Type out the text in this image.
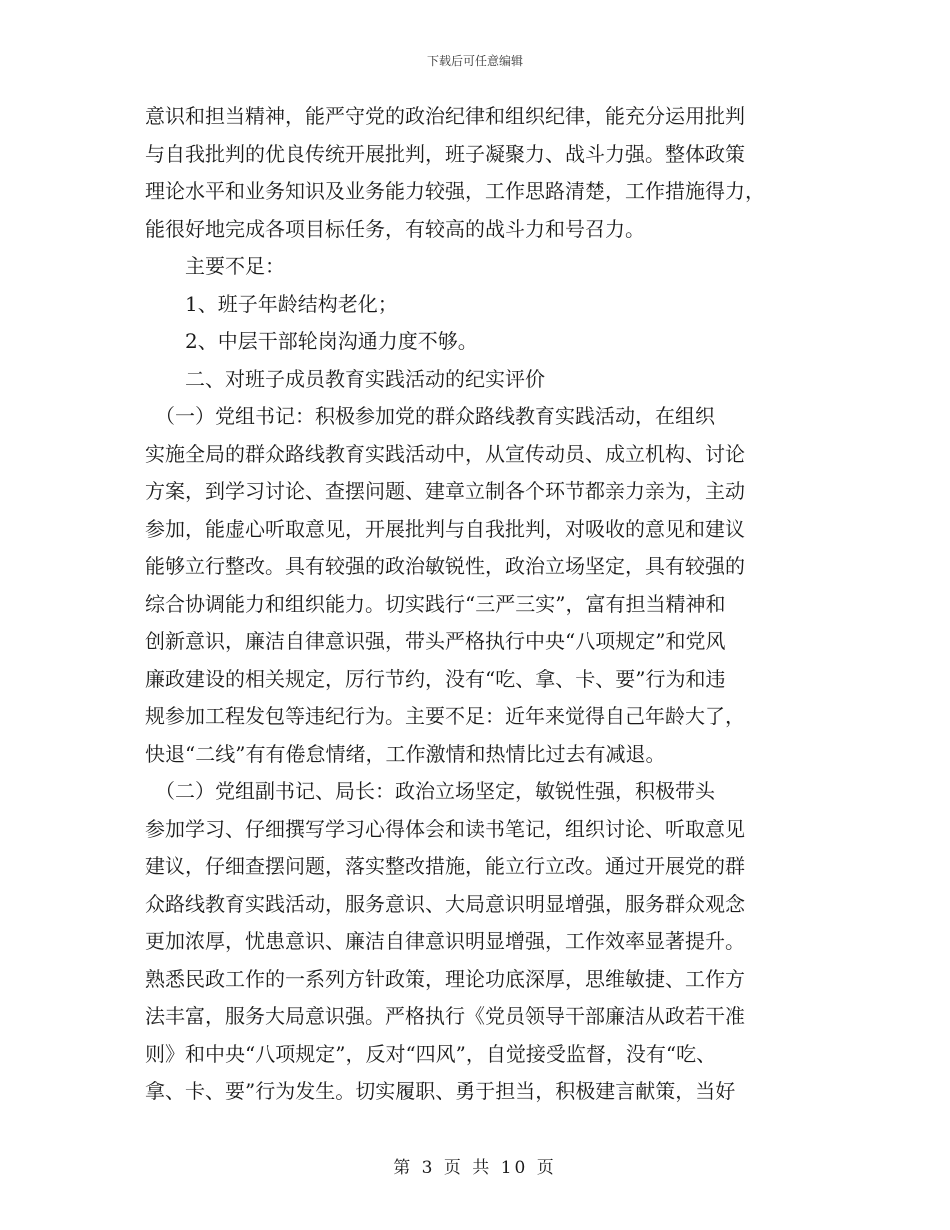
下载后可任意编辑

意识和担当精神，能严守党的政治纪律和组织纪律，能充分运用批判

与自我批判的优良传统开展批判，班子凝聚力、战斗力强。整体政策

理论水平和业务知识及业务能力较强，工作思路清楚，工作措施得力，

能很好地完成各项目标任务，有较高的战斗力和号召力。

　　主要不足：

　　1、班子年龄结构老化；

　　2、中层干部轮岗沟通力度不够。

　　二、对班子成员教育实践活动的纪实评价

　（一）党组书记：积极参加党的群众路线教育实践活动，在组织

实施全局的群众路线教育实践活动中，从宣传动员、成立机构、讨论

方案，到学习讨论、查摆问题、建章立制各个环节都亲力亲为，主动

参加，能虚心听取意见，开展批判与自我批判，对吸收的意见和建议

能够立行整改。具有较强的政治敏锐性，政治立场坚定，具有较强的

综合协调能力和组织能力。切实践行“三严三实”，富有担当精神和

创新意识，廉洁自律意识强，带头严格执行中央“八项规定”和党风

廉政建设的相关规定，厉行节约，没有“吃、拿、卡、要”行为和违

规参加工程发包等违纪行为。主要不足：近年来觉得自己年龄大了，

快退“二线”有有倦怠情绪，工作激情和热情比过去有减退。

　（二）党组副书记、局长：政治立场坚定，敏锐性强，积极带头

参加学习、仔细撰写学习心得体会和读书笔记，组织讨论、听取意见

建议，仔细查摆问题，落实整改措施，能立行立改。通过开展党的群

众路线教育实践活动，服务意识、大局意识明显增强，服务群众观念

更加浓厚，忧患意识、廉洁自律意识明显增强，工作效率显著提升。

熟悉民政工作的一系列方针政策，理论功底深厚，思维敏捷、工作方

法丰富，服务大局意识强。严格执行《党员领导干部廉洁从政若干准

则》和中央“八项规定”，反对“四风”，自觉接受监督，没有“吃、

拿、卡、要”行为发生。切实履职、勇于担当，积极建言献策，当好

第 3 页 共 10 页
